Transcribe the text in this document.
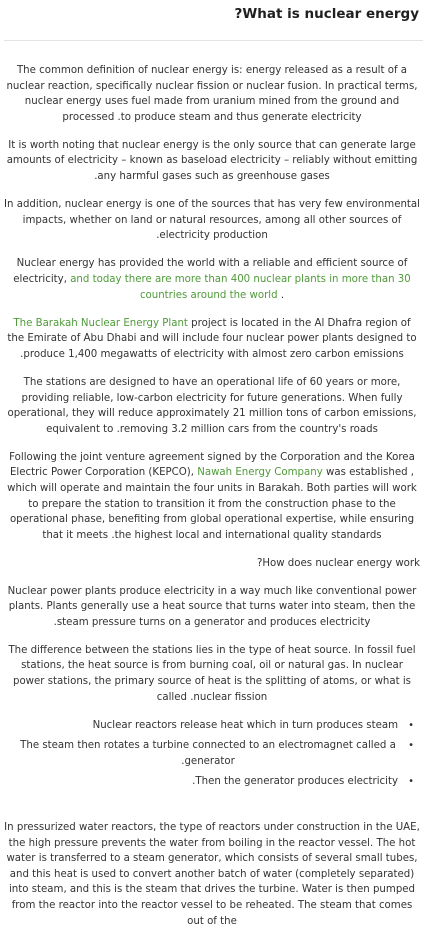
?What is nuclear energy

The common definition of nuclear energy is: energy released as a result of a nuclear reaction, specifically nuclear fission or nuclear fusion. In practical terms, nuclear energy uses fuel made from uranium mined from the ground and processed .to produce steam and thus generate electricity

It is worth noting that nuclear energy is the only source that can generate large amounts of electricity – known as baseload electricity – reliably without emitting .any harmful gases such as greenhouse gases

In addition, nuclear energy is one of the sources that has very few environmental impacts, whether on land or natural resources, among all other sources of .electricity production

Nuclear energy has provided the world with a reliable and efficient source of electricity, and today there are more than 400 nuclear plants in more than 30 countries around the world .

The Barakah Nuclear Energy Plant project is located in the Al Dhafra region of the Emirate of Abu Dhabi and will include four nuclear power plants designed to .produce 1,400 megawatts of electricity with almost zero carbon emissions

The stations are designed to have an operational life of 60 years or more, providing reliable, low-carbon electricity for future generations. When fully operational, they will reduce approximately 21 million tons of carbon emissions, equivalent to .removing 3.2 million cars from the country's roads

Following the joint venture agreement signed by the Corporation and the Korea Electric Power Corporation (KEPCO), Nawah Energy Company was established , which will operate and maintain the four units in Barakah. Both parties will work to prepare the station to transition it from the construction phase to the operational phase, benefiting from global operational expertise, while ensuring that it meets .the highest local and international quality standards

?How does nuclear energy work

Nuclear power plants produce electricity in a way much like conventional power plants. Plants generally use a heat source that turns water into steam, then the .steam pressure turns on a generator and produces electricity

The difference between the stations lies in the type of heat source. In fossil fuel stations, the heat source is from burning coal, oil or natural gas. In nuclear power stations, the primary source of heat is the splitting of atoms, or what is called .nuclear fission

Nuclear reactors release heat which in turn produces steam •
The steam then rotates a turbine connected to an electromagnet called a .generator
•
.Then the generator produces electricity •

In pressurized water reactors, the type of reactors under construction in the UAE, the high pressure prevents the water from boiling in the reactor vessel. The hot water is transferred to a steam generator, which consists of several small tubes, and this heat is used to convert another batch of water (completely separated) into steam, and this is the steam that drives the turbine. Water is then pumped from the reactor into the reactor vessel to be reheated. The steam that comes out of the
